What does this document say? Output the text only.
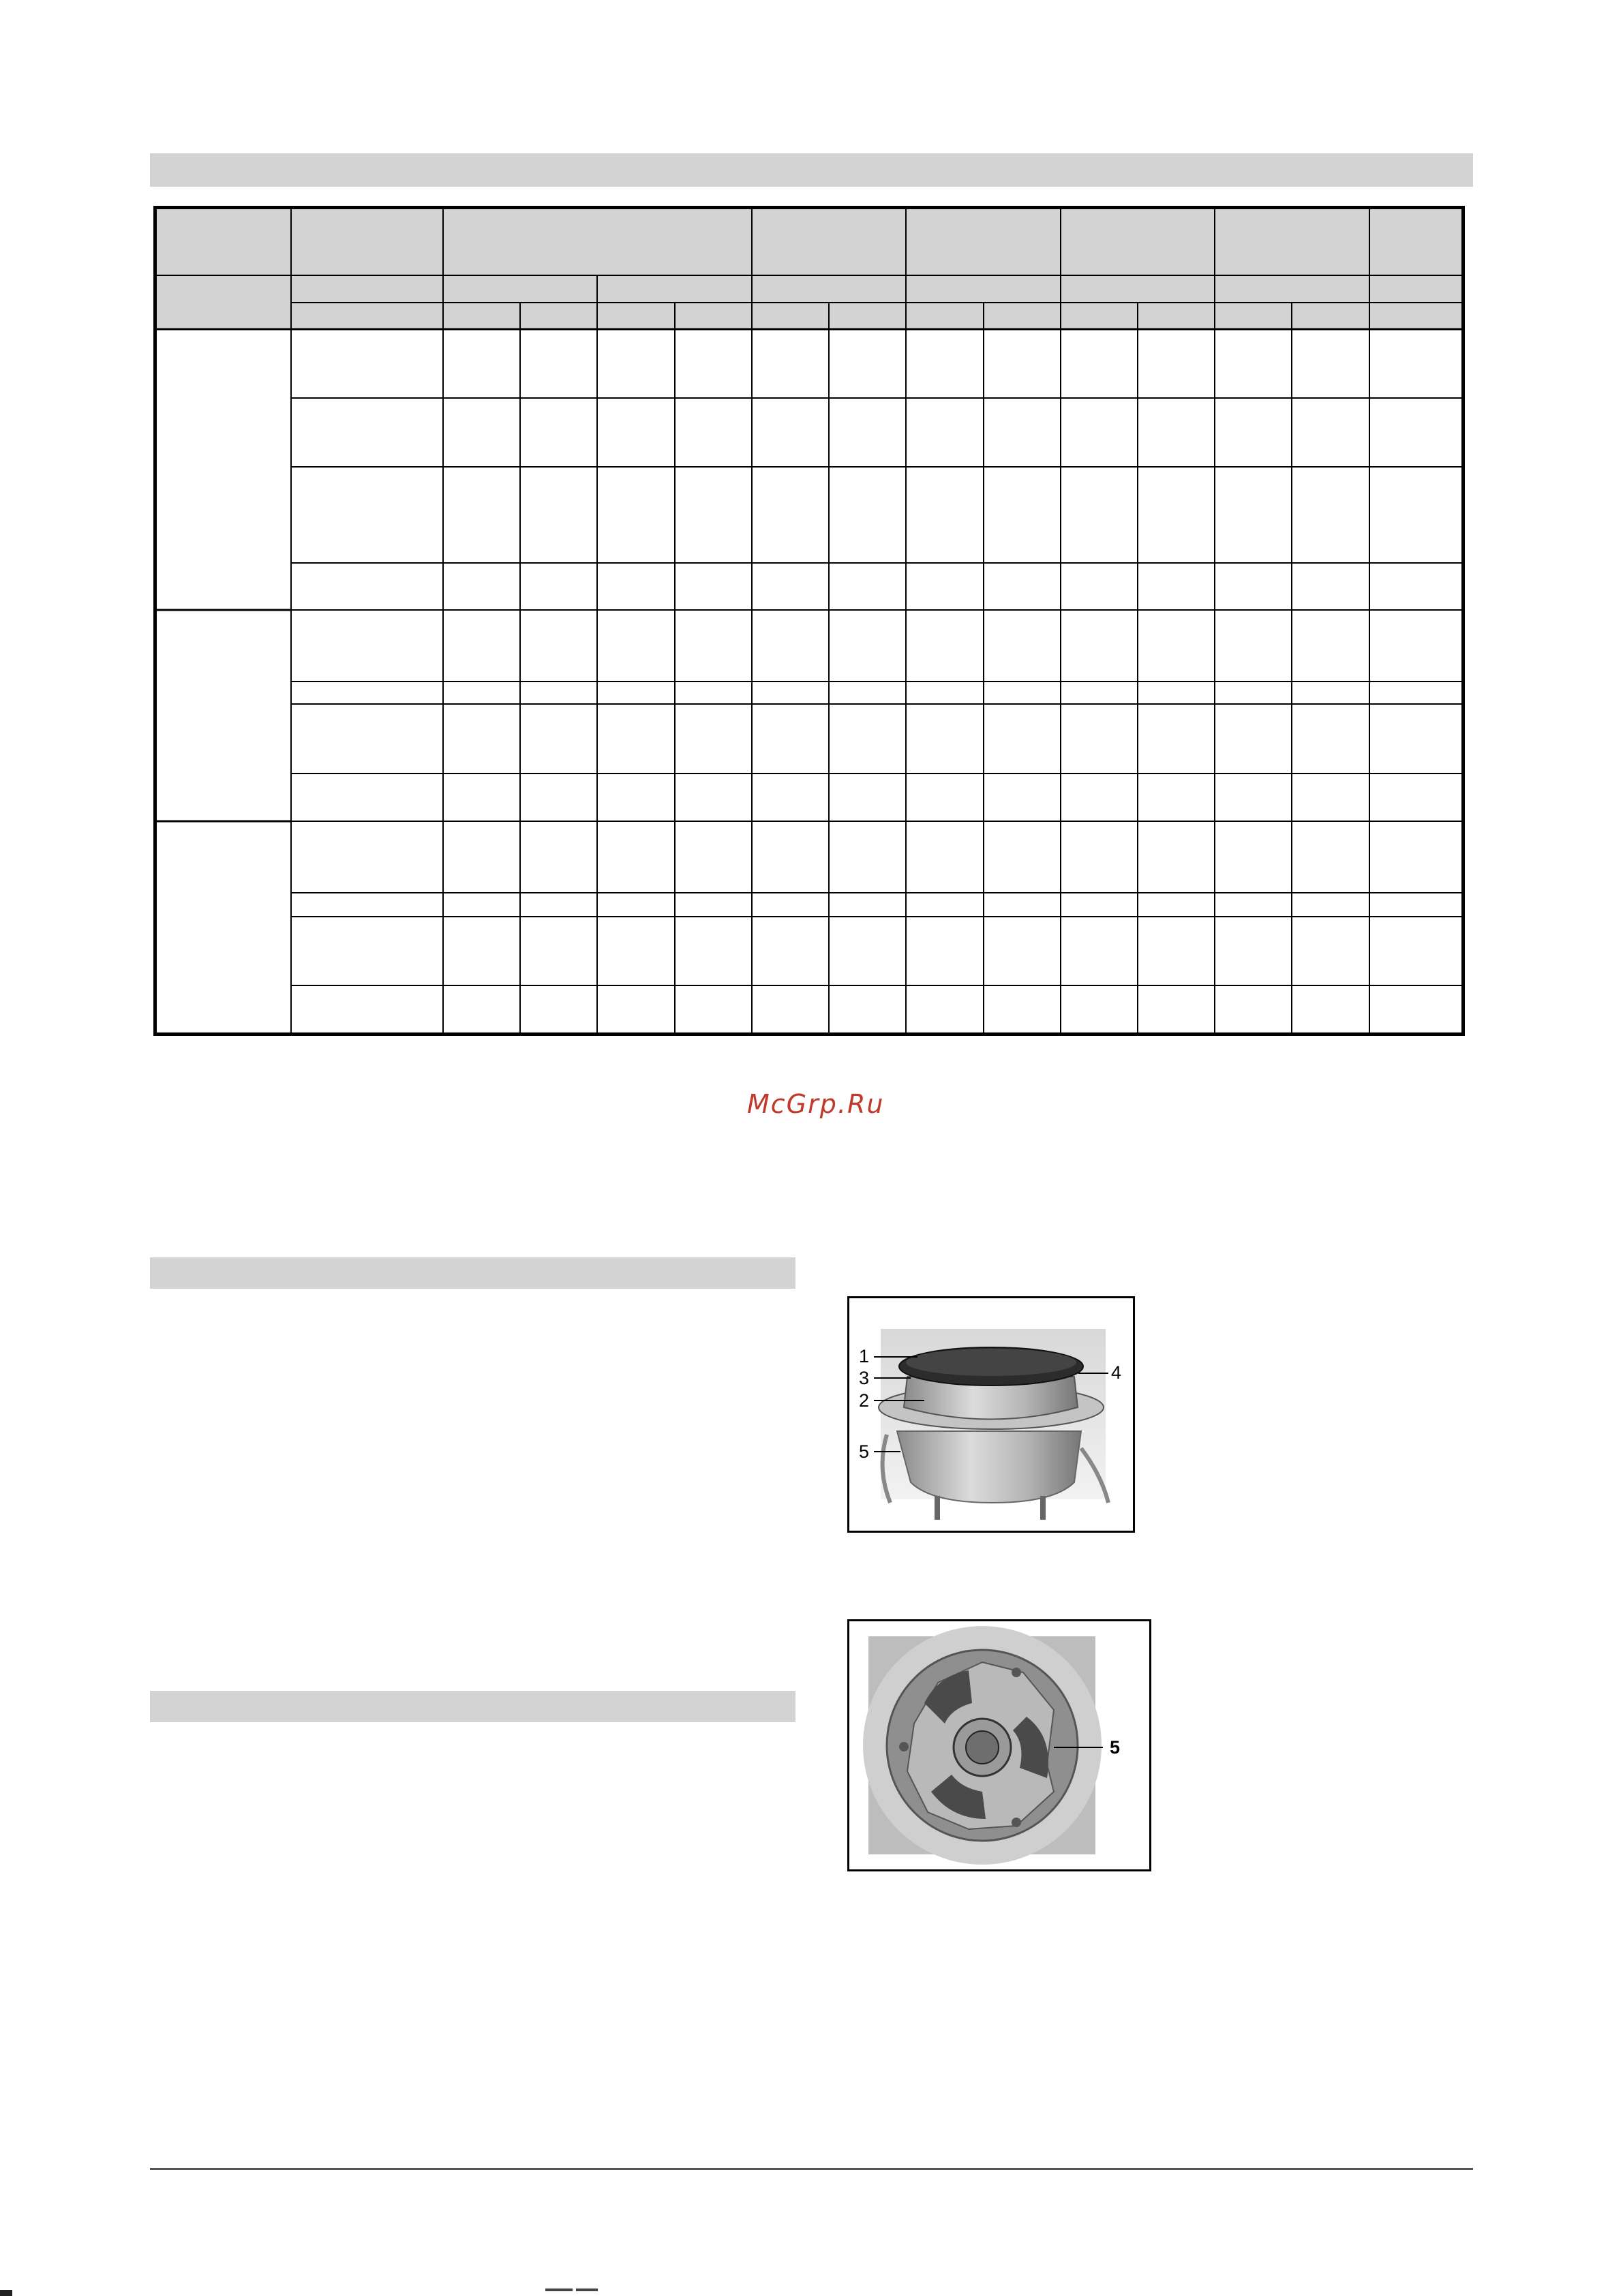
McGrp.Ru
1
3
2
5
4
5
